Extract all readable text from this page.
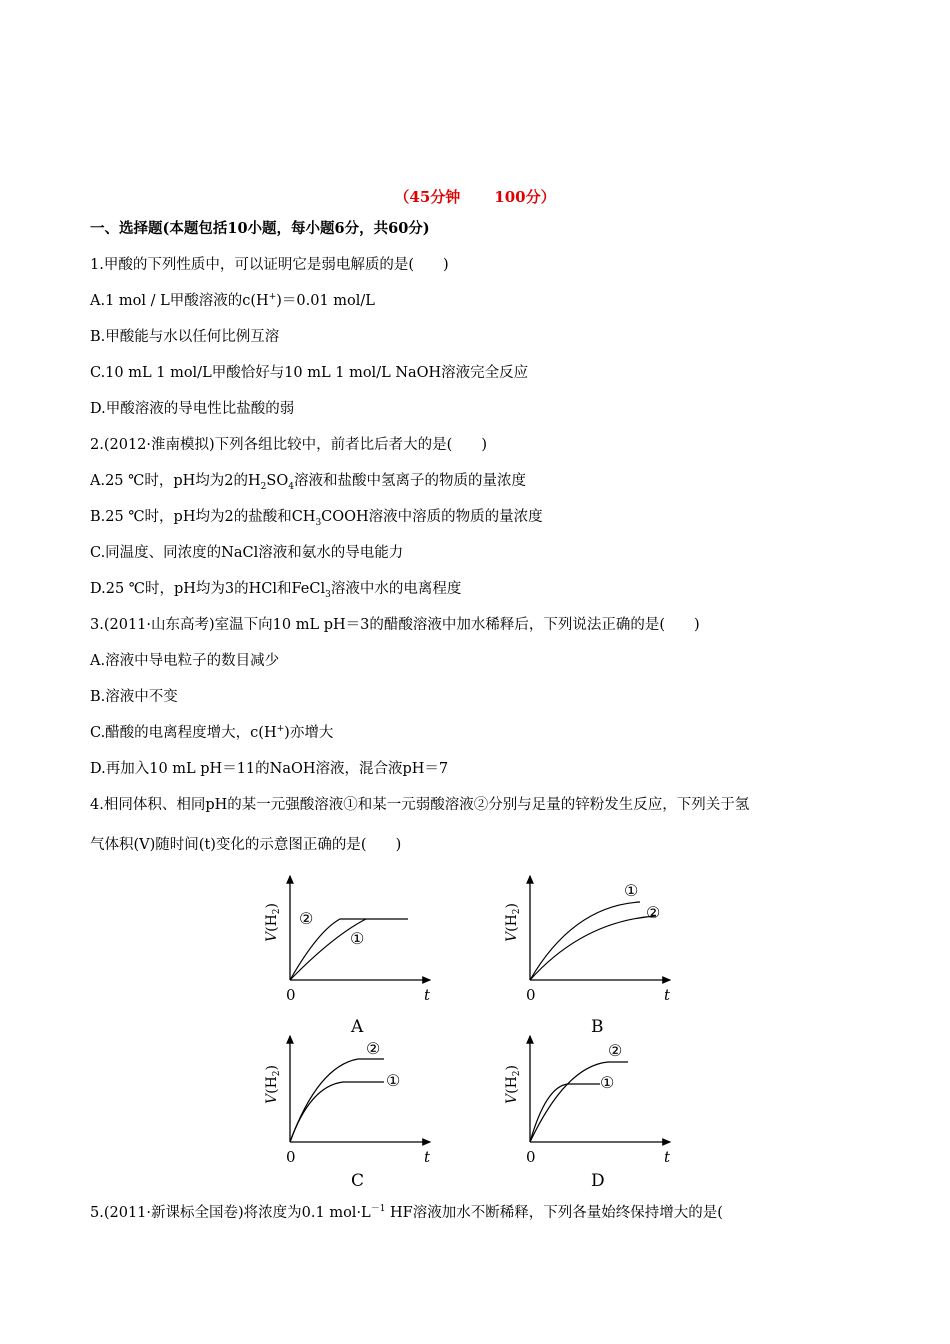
（45分钟 100分）
一、选择题(本题包括10小题，每小题6分，共60分)
1.甲酸的下列性质中，可以证明它是弱电解质的是(　　)
A.1 mol / L甲酸溶液的c(H+)＝0.01 mol/L
B.甲酸能与水以任何比例互溶
C.10 mL 1 mol/L甲酸恰好与10 mL 1 mol/L NaOH溶液完全反应
D.甲酸溶液的导电性比盐酸的弱
2.(2012·淮南模拟)下列各组比较中，前者比后者大的是(　　)
A.25 ℃时，pH均为2的$H_2SO_4$溶液和盐酸中氢离子的物质的量浓度
B.25 ℃时，pH均为2的盐酸和$CH_3COOH$溶液中溶质的物质的量浓度
C.同温度、同浓度的NaCl溶液和氨水的导电能力
D.25 ℃时，pH均为3的HCl和FeCl$_3$溶液中水的电离程度
3.(2011·山东高考)室温下向10 mL pH＝3的醋酸溶液中加水稀释后，下列说法正确的是(　　)
A.溶液中导电粒子的数目减少
B.溶液中不变
C.醋酸的电离程度增大，c(H+)亦增大
D.再加入10 mL pH＝11的NaOH溶液，混合液pH＝7
4.相同体积、相同pH的某一元强酸溶液①和某一元弱酸溶液②分别与足量的锌粉发生反应，下列关于氢
气体积(V)随时间(t)变化的示意图正确的是(　　)
②
①
$V(H_2)$
0	t
A
①
②
$V(H_2)$
0	t
B
②
①
$V(H_2)$
0	t
C
②
①
$V(H_2)$
0	t
D
5.(2011·新课标全国卷)将浓度为0.1 $mol\cdot L^{-1}$ HF溶液加水不断稀释，下列各量始终保持增大的是(
